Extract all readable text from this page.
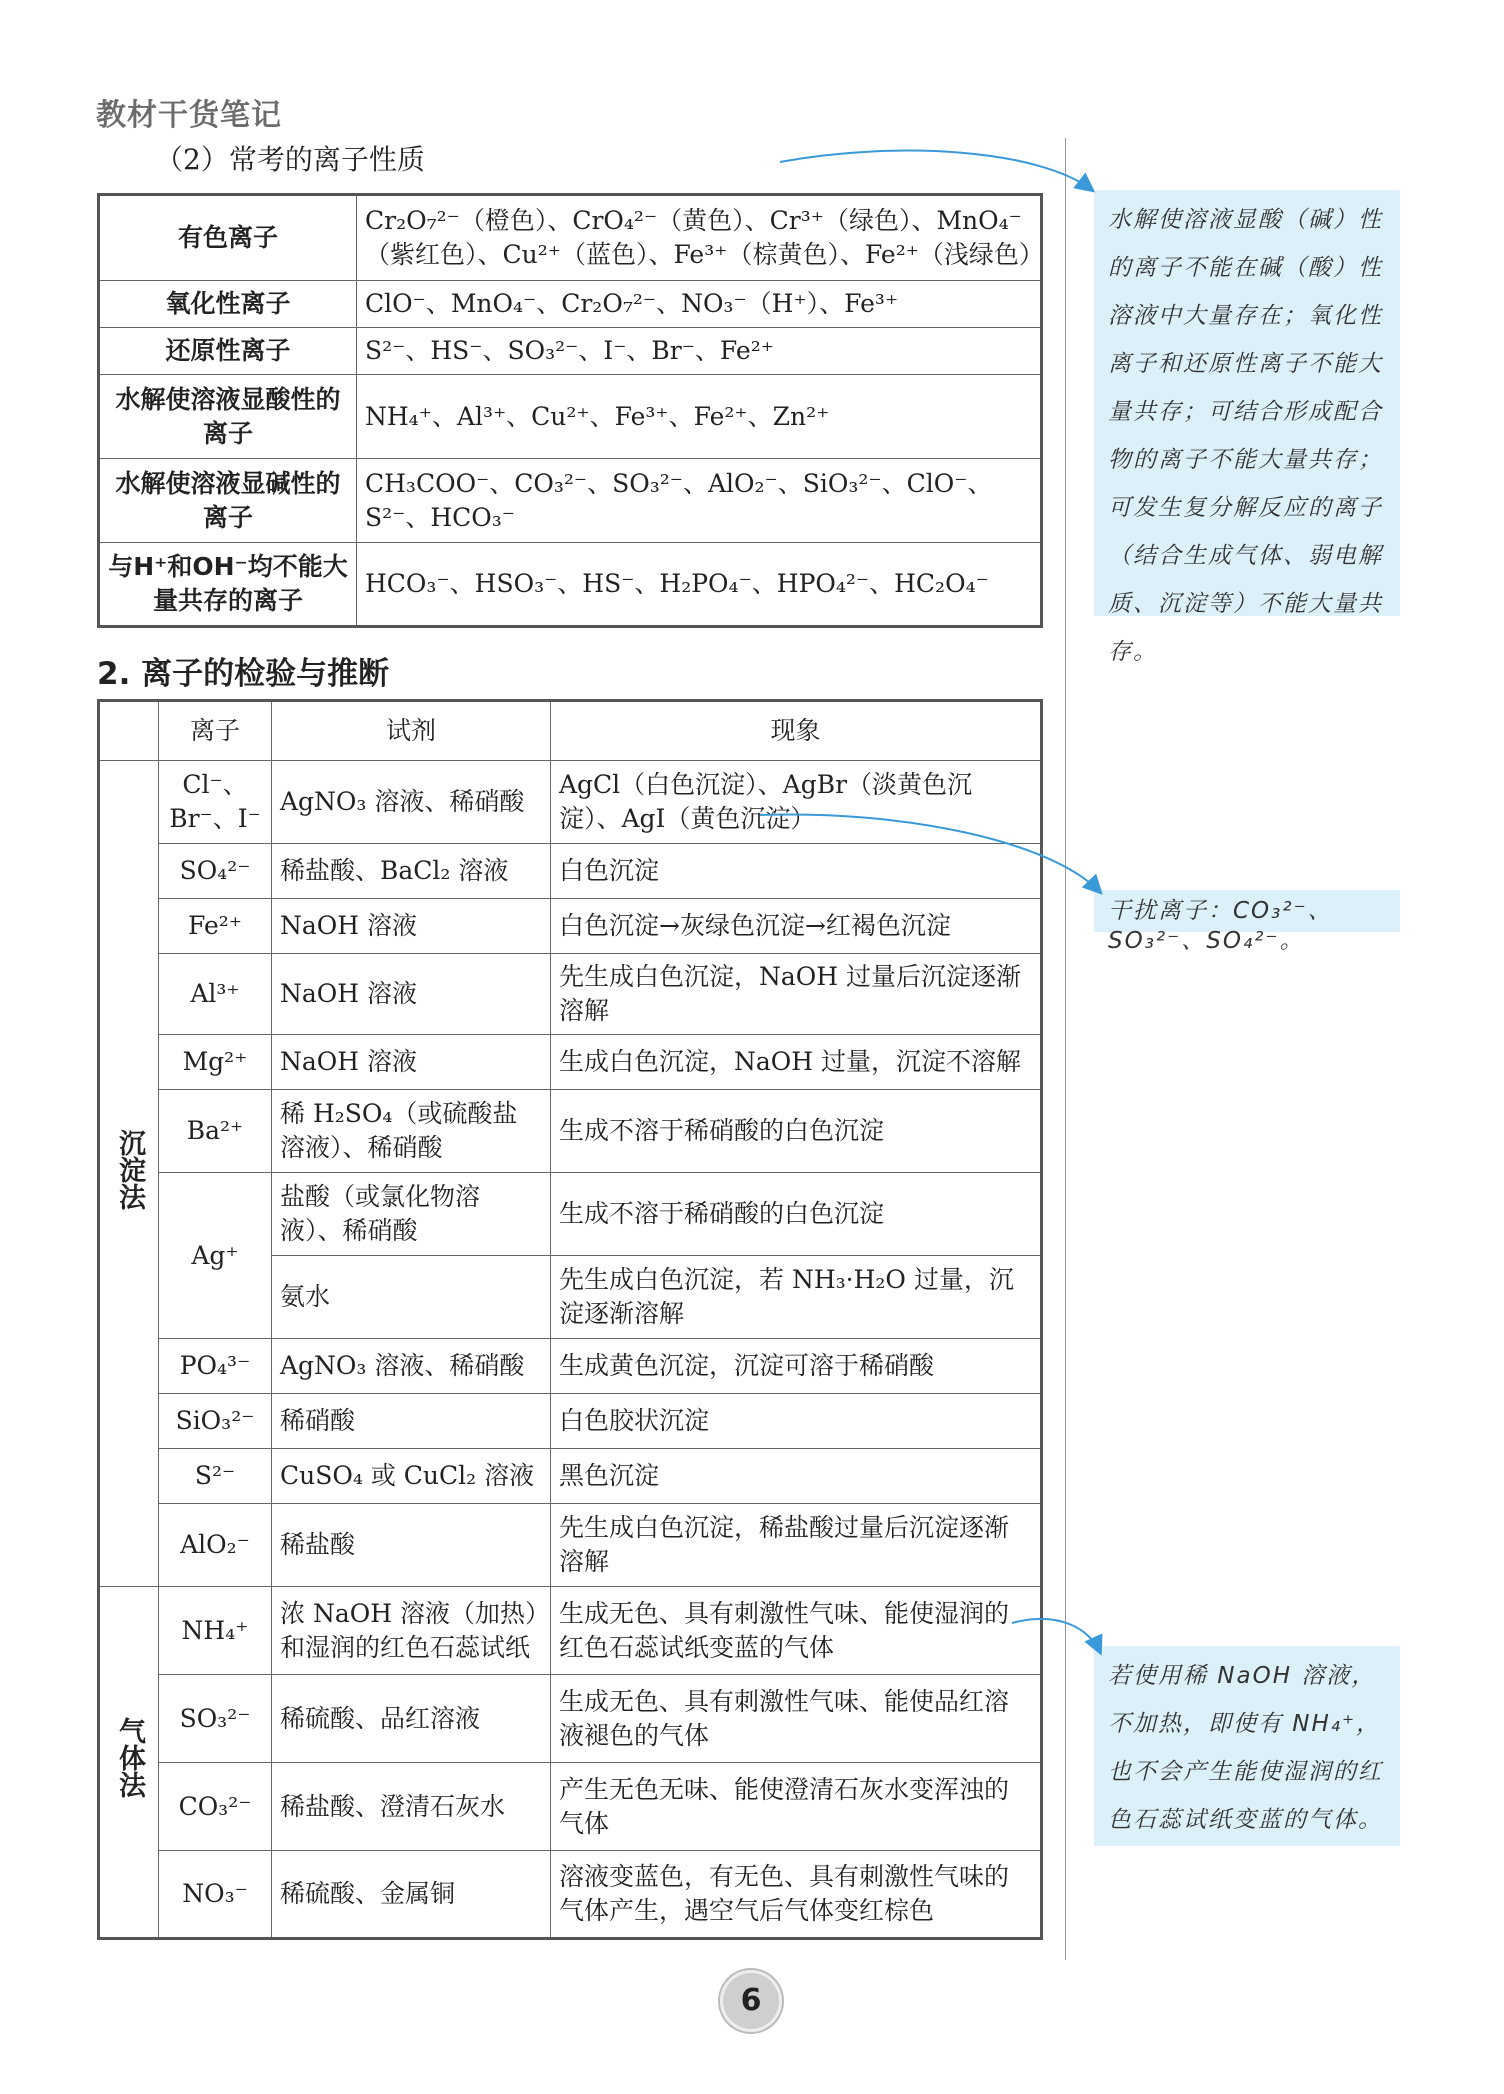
教材干货笔记
（2）常考的离子性质
有色离子	Cr₂O₇²⁻（橙色）、CrO₄²⁻（黄色）、Cr³⁺（绿色）、MnO₄⁻（紫红色）、Cu²⁺（蓝色）、Fe³⁺（棕黄色）、Fe²⁺（浅绿色）
氧化性离子	ClO⁻、MnO₄⁻、Cr₂O₇²⁻、NO₃⁻（H⁺）、Fe³⁺
还原性离子	S²⁻、HS⁻、SO₃²⁻、I⁻、Br⁻、Fe²⁺
水解使溶液显酸性的离子	NH₄⁺、Al³⁺、Cu²⁺、Fe³⁺、Fe²⁺、Zn²⁺
水解使溶液显碱性的离子	CH₃COO⁻、CO₃²⁻、SO₃²⁻、AlO₂⁻、SiO₃²⁻、ClO⁻、S²⁻、HCO₃⁻
与H⁺和OH⁻均不能大量共存的离子	HCO₃⁻、HSO₃⁻、HS⁻、H₂PO₄⁻、HPO₄²⁻、HC₂O₄⁻
2. 离子的检验与推断
	离子	试剂	现象
沉淀法	Cl⁻、Br⁻、I⁻	AgNO₃ 溶液、稀硝酸	AgCl（白色沉淀）、AgBr（淡黄色沉淀）、AgI（黄色沉淀）
	SO₄²⁻	稀盐酸、BaCl₂ 溶液	白色沉淀
	Fe²⁺	NaOH 溶液	白色沉淀→灰绿色沉淀→红褐色沉淀
	Al³⁺	NaOH 溶液	先生成白色沉淀，NaOH 过量后沉淀逐渐溶解
	Mg²⁺	NaOH 溶液	生成白色沉淀，NaOH 过量，沉淀不溶解
	Ba²⁺	稀 H₂SO₄（或硫酸盐溶液）、稀硝酸	生成不溶于稀硝酸的白色沉淀
	Ag⁺	盐酸（或氯化物溶液）、稀硝酸	生成不溶于稀硝酸的白色沉淀
		氨水	先生成白色沉淀，若 NH₃·H₂O 过量，沉淀逐渐溶解
	PO₄³⁻	AgNO₃ 溶液、稀硝酸	生成黄色沉淀，沉淀可溶于稀硝酸
	SiO₃²⁻	稀硝酸	白色胶状沉淀
	S²⁻	CuSO₄ 或 CuCl₂ 溶液	黑色沉淀
	AlO₂⁻	稀盐酸	先生成白色沉淀，稀盐酸过量后沉淀逐渐溶解

气体法	NH₄⁺	浓 NaOH 溶液（加热）和湿润的红色石蕊试纸	生成无色、具有刺激性气味、能使湿润的红色石蕊试纸变蓝的气体
	SO₃²⁻	稀硫酸、品红溶液	生成无色、具有刺激性气味、能使品红溶液褪色的气体
	CO₃²⁻	稀盐酸、澄清石灰水	产生无色无味、能使澄清石灰水变浑浊的气体
	NO₃⁻	稀硫酸、金属铜	溶液变蓝色，有无色、具有刺激性气味的气体产生，遇空气后气体变红棕色
水解使溶液显酸（碱）性的离子不能在碱（酸）性溶液中大量存在；氧化性离子和还原性离子不能大量共存；可结合形成配合物的离子不能大量共存；可发生复分解反应的离子（结合生成气体、弱电解质、沉淀等）不能大量共存。
干扰离子：CO₃²⁻、SO₃²⁻、SO₄²⁻。
若使用稀 NaOH 溶液，不加热，即使有 NH₄⁺，也不会产生能使湿润的红色石蕊试纸变蓝的气体。
6
